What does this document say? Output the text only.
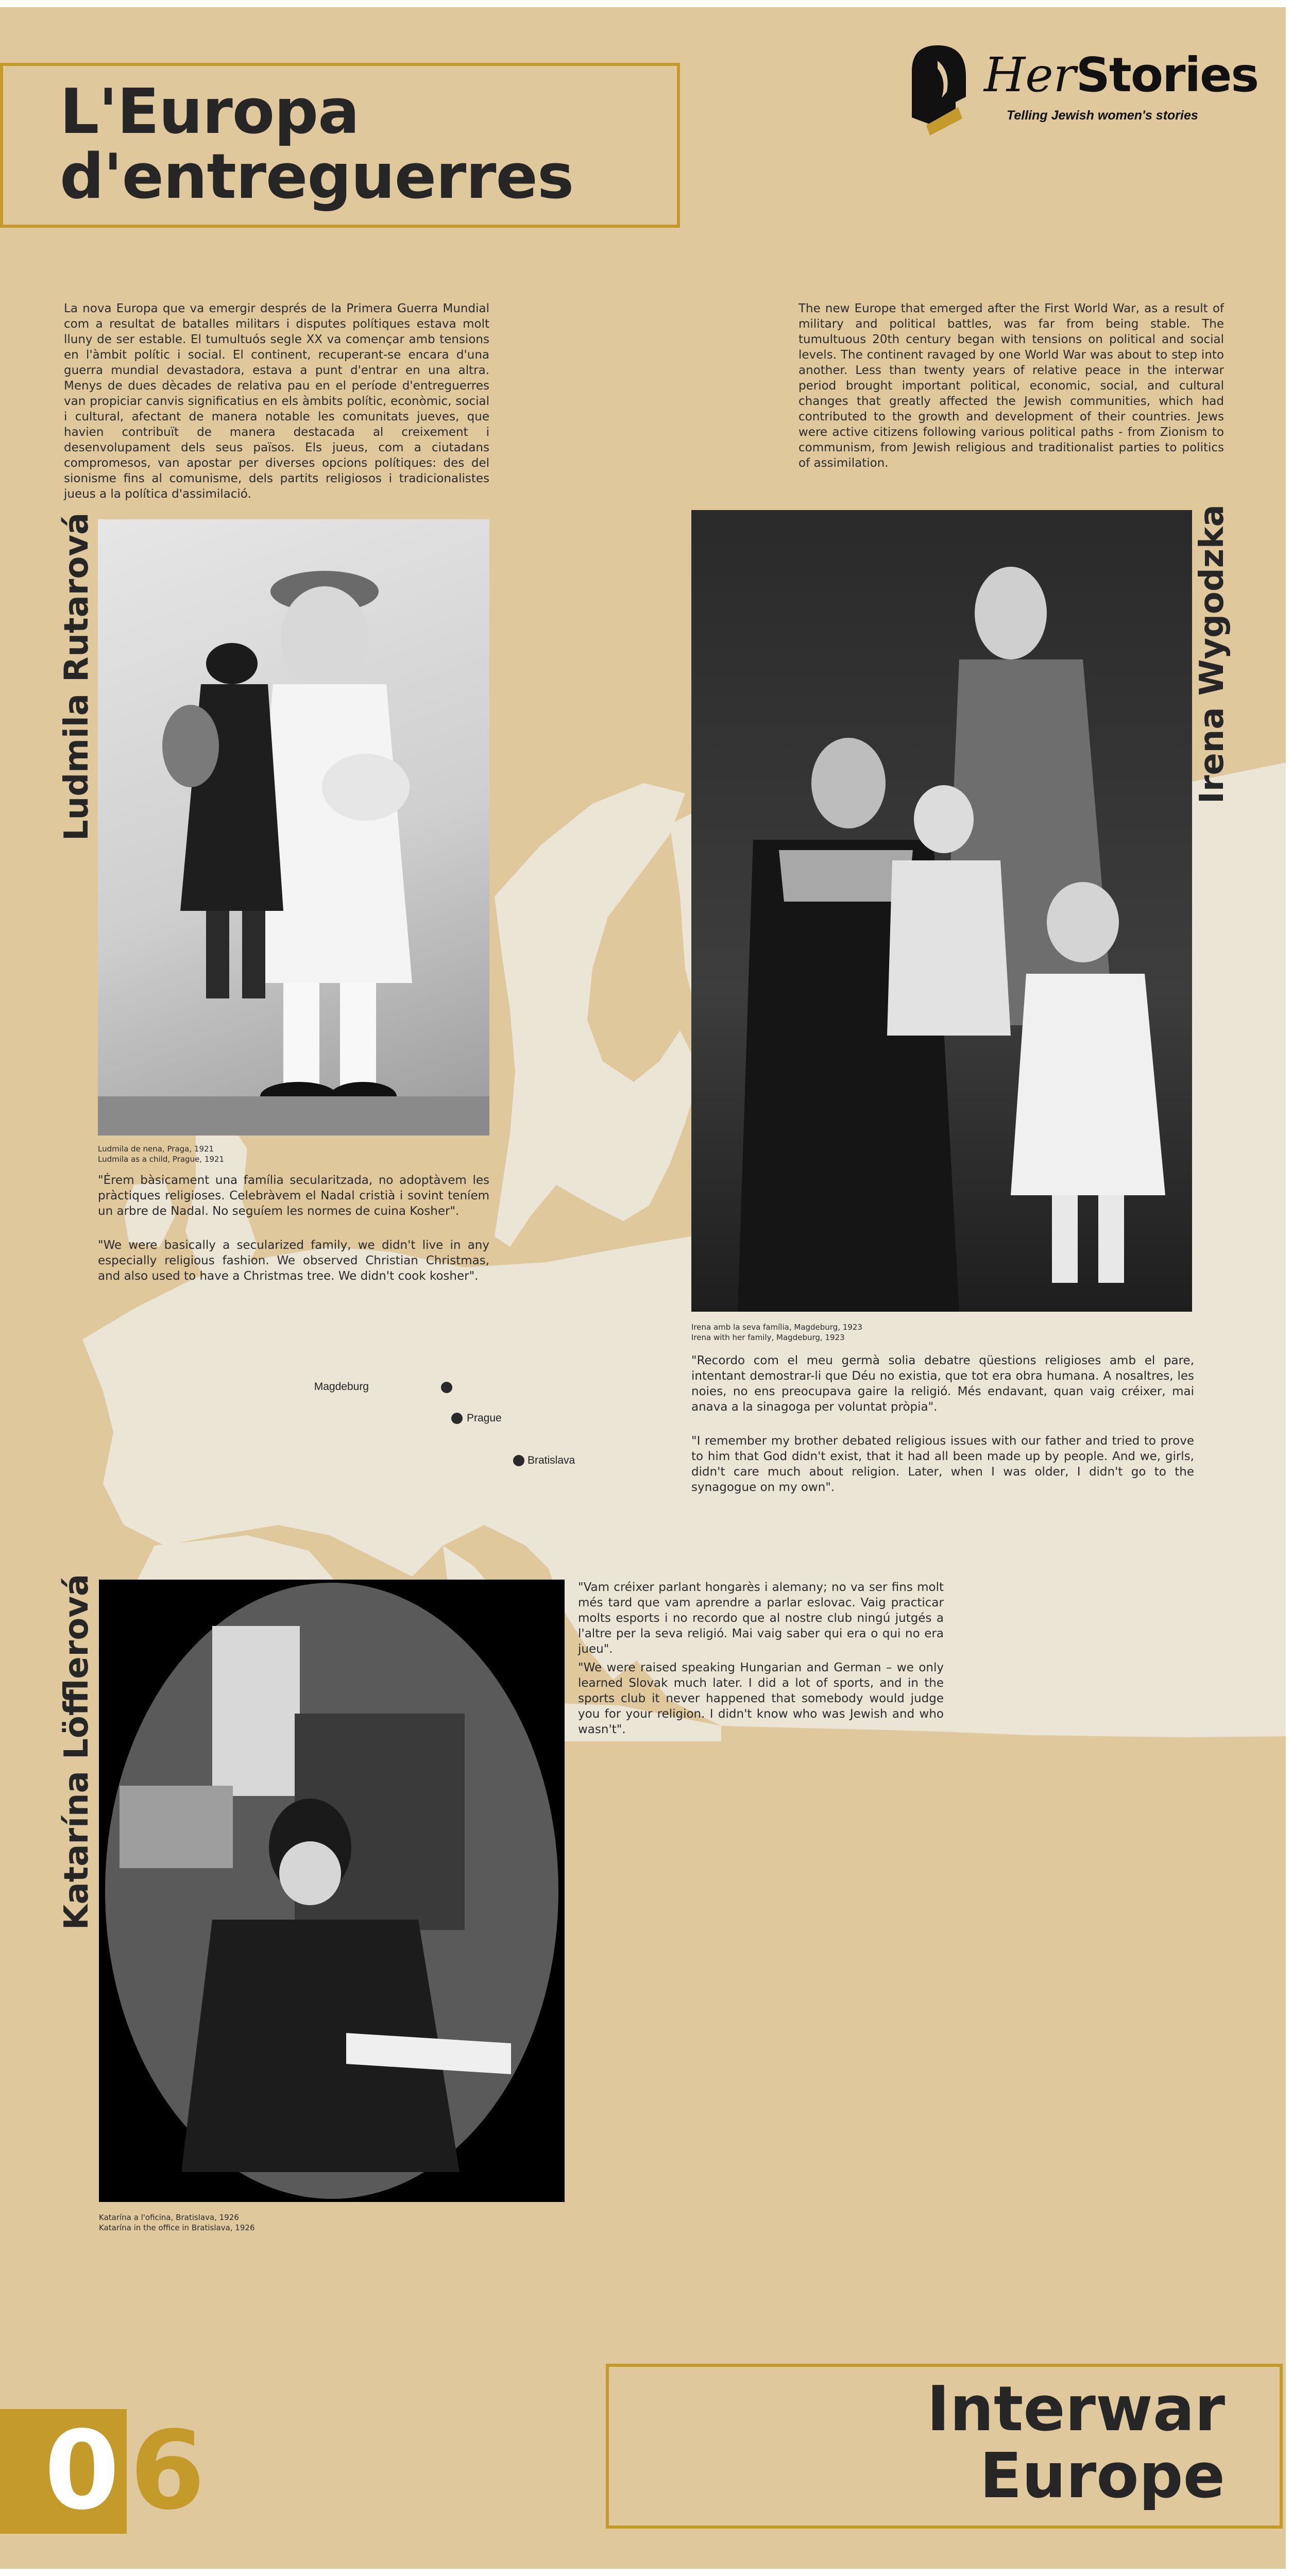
L'Europa
d'entreguerres
HerStories
Telling Jewish women's stories
La nova Europa que va emergir després de la Primera Guerra Mundial com a resultat de batalles militars i disputes polítiques estava molt lluny de ser estable. El tumultuós segle XX va començar amb tensions en l'àmbit polític i social. El continent, recuperant-se encara d'una guerra mundial devastadora, estava a punt d'entrar en una altra. Menys de dues dècades de relativa pau en el període d'entreguerres van propiciar canvis significatius en els àmbits polític, econòmic, social i cultural, afectant de manera notable les comunitats jueves, que havien contribuït de manera destacada al creixement i desenvolupament dels seus països. Els jueus, com a ciutadans compromesos, van apostar per diverses opcions polítiques: des del sionisme fins al comunisme, dels partits religiosos i tradicionalistes jueus a la política d'assimilació.
The new Europe that emerged after the First World War, as a result of military and political battles, was far from being stable. The tumultuous 20th century began with tensions on political and social levels. The continent ravaged by one World War was about to step into another. Less than twenty years of relative peace in the interwar period brought important political, economic, social, and cultural changes that greatly affected the Jewish communities, which had contributed to the growth and development of their countries. Jews were active citizens following various political paths - from Zionism to communism, from Jewish religious and traditionalist parties to politics of assimilation.
Ludmila Rutarová
Ludmila de nena, Praga, 1921
Ludmila as a child, Prague, 1921
"Érem bàsicament una família secularitzada, no adoptàvem les pràctiques religioses. Celebràvem el Nadal cristià i sovint teníem un arbre de Nadal. No seguíem les normes de cuina Kosher".
"We were basically a secularized family, we didn't live in any especially religious fashion. We observed Christian Christmas, and also used to have a Christmas tree. We didn't cook kosher".
Irena Wygodzka
Irena amb la seva família, Magdeburg, 1923
Irena with her family, Magdeburg, 1923
"Recordo com el meu germà solia debatre qüestions religioses amb el pare, intentant demostrar-li que Déu no existia, que tot era obra humana. A nosaltres, les noies, no ens preocupava gaire la religió. Més endavant, quan vaig créixer, mai anava a la sinagoga per voluntat pròpia".
"I remember my brother debated religious issues with our father and tried to prove to him that God didn't exist, that it had all been made up by people. And we, girls, didn't care much about religion. Later, when I was older, I didn't go to the synagogue on my own".
Magdeburg
Prague
Bratislava
Katarína Löfflerová
Katarína a l'oficina, Bratislava, 1926
Katarína in the office in Bratislava, 1926
"Vam créixer parlant hongarès i alemany; no va ser fins molt més tard que vam aprendre a parlar eslovac. Vaig practicar molts esports i no recordo que al nostre club ningú jutgés a l'altre per la seva religió. Mai vaig saber qui era o qui no era jueu".
"We were raised speaking Hungarian and German – we only learned Slovak much later. I did a lot of sports, and in the sports club it never happened that somebody would judge you for your religion. I didn't know who was Jewish and who wasn't".
Interwar
Europe
0 6
